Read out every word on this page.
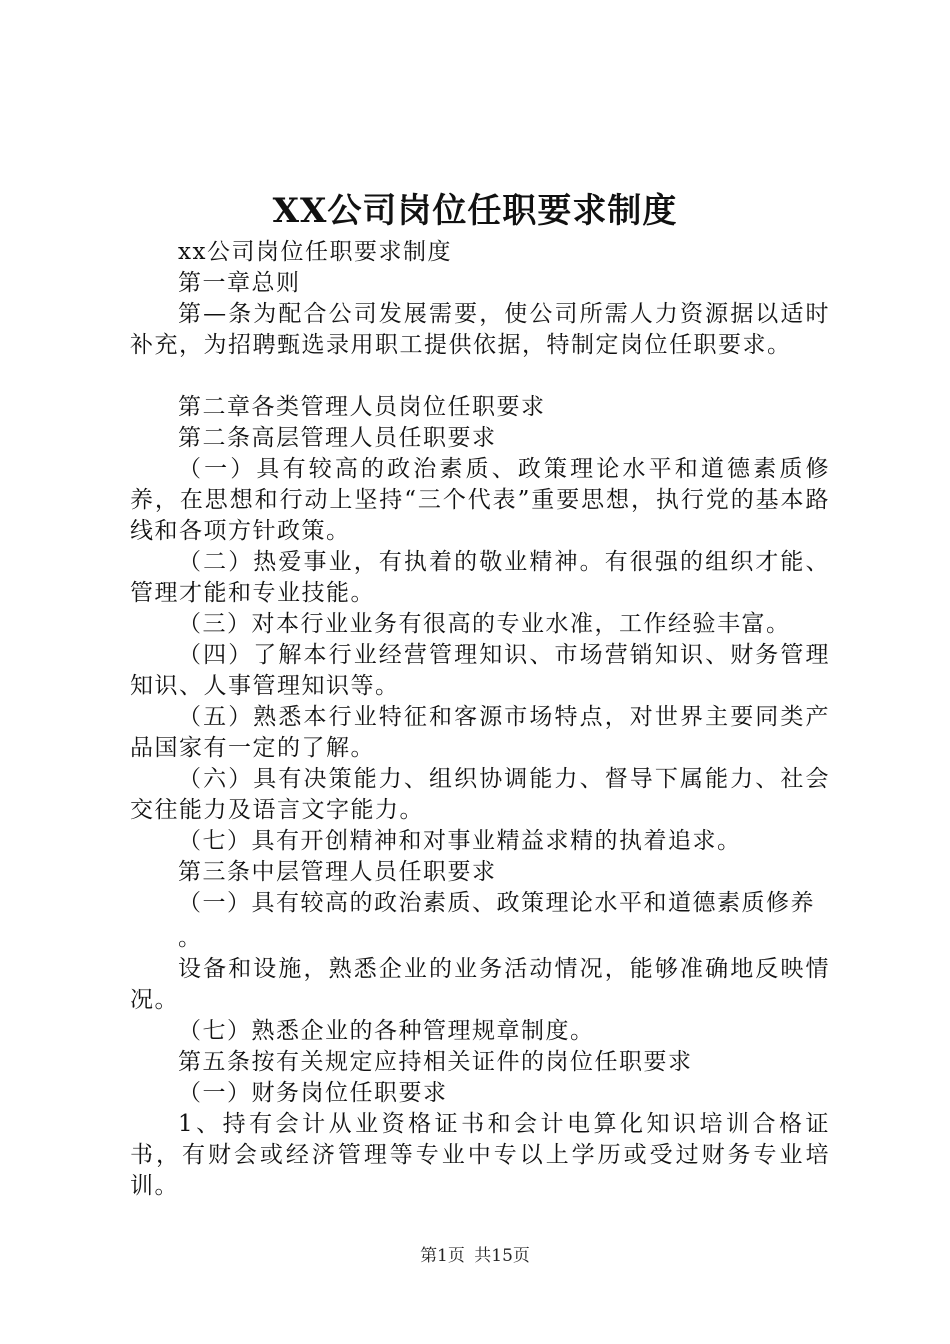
XX公司岗位任职要求制度

xx公司岗位任职要求制度

第一章总则

第—条为配合公司发展需要，使公司所需人力资源据以适时补充，为招聘甄选录用职工提供依据，特制定岗位任职要求。

第二章各类管理人员岗位任职要求

第二条高层管理人员任职要求

（一）具有较高的政治素质、政策理论水平和道德素质修养，在思想和行动上坚持“三个代表”重要思想，执行党的基本路线和各项方针政策。

（二）热爱事业，有执着的敬业精神。有很强的组织才能、管理才能和专业技能。

（三）对本行业业务有很高的专业水准，工作经验丰富。

（四）了解本行业经营管理知识、市场营销知识、财务管理知识、人事管理知识等。

（五）熟悉本行业特征和客源市场特点，对世界主要同类产品国家有一定的了解。

（六）具有决策能力、组织协调能力、督导下属能力、社会交往能力及语言文字能力。

（七）具有开创精神和对事业精益求精的执着追求。

第三条中层管理人员任职要求

（一）具有较高的政治素质、政策理论水平和道德素质修养

。

设备和设施，熟悉企业的业务活动情况，能够准确地反映情况。

（七）熟悉企业的各种管理规章制度。

第五条按有关规定应持相关证件的岗位任职要求

（一）财务岗位任职要求

1、持有会计从业资格证书和会计电算化知识培训合格证书，有财会或经济管理等专业中专以上学历或受过财务专业培训。

第1页 共15页
